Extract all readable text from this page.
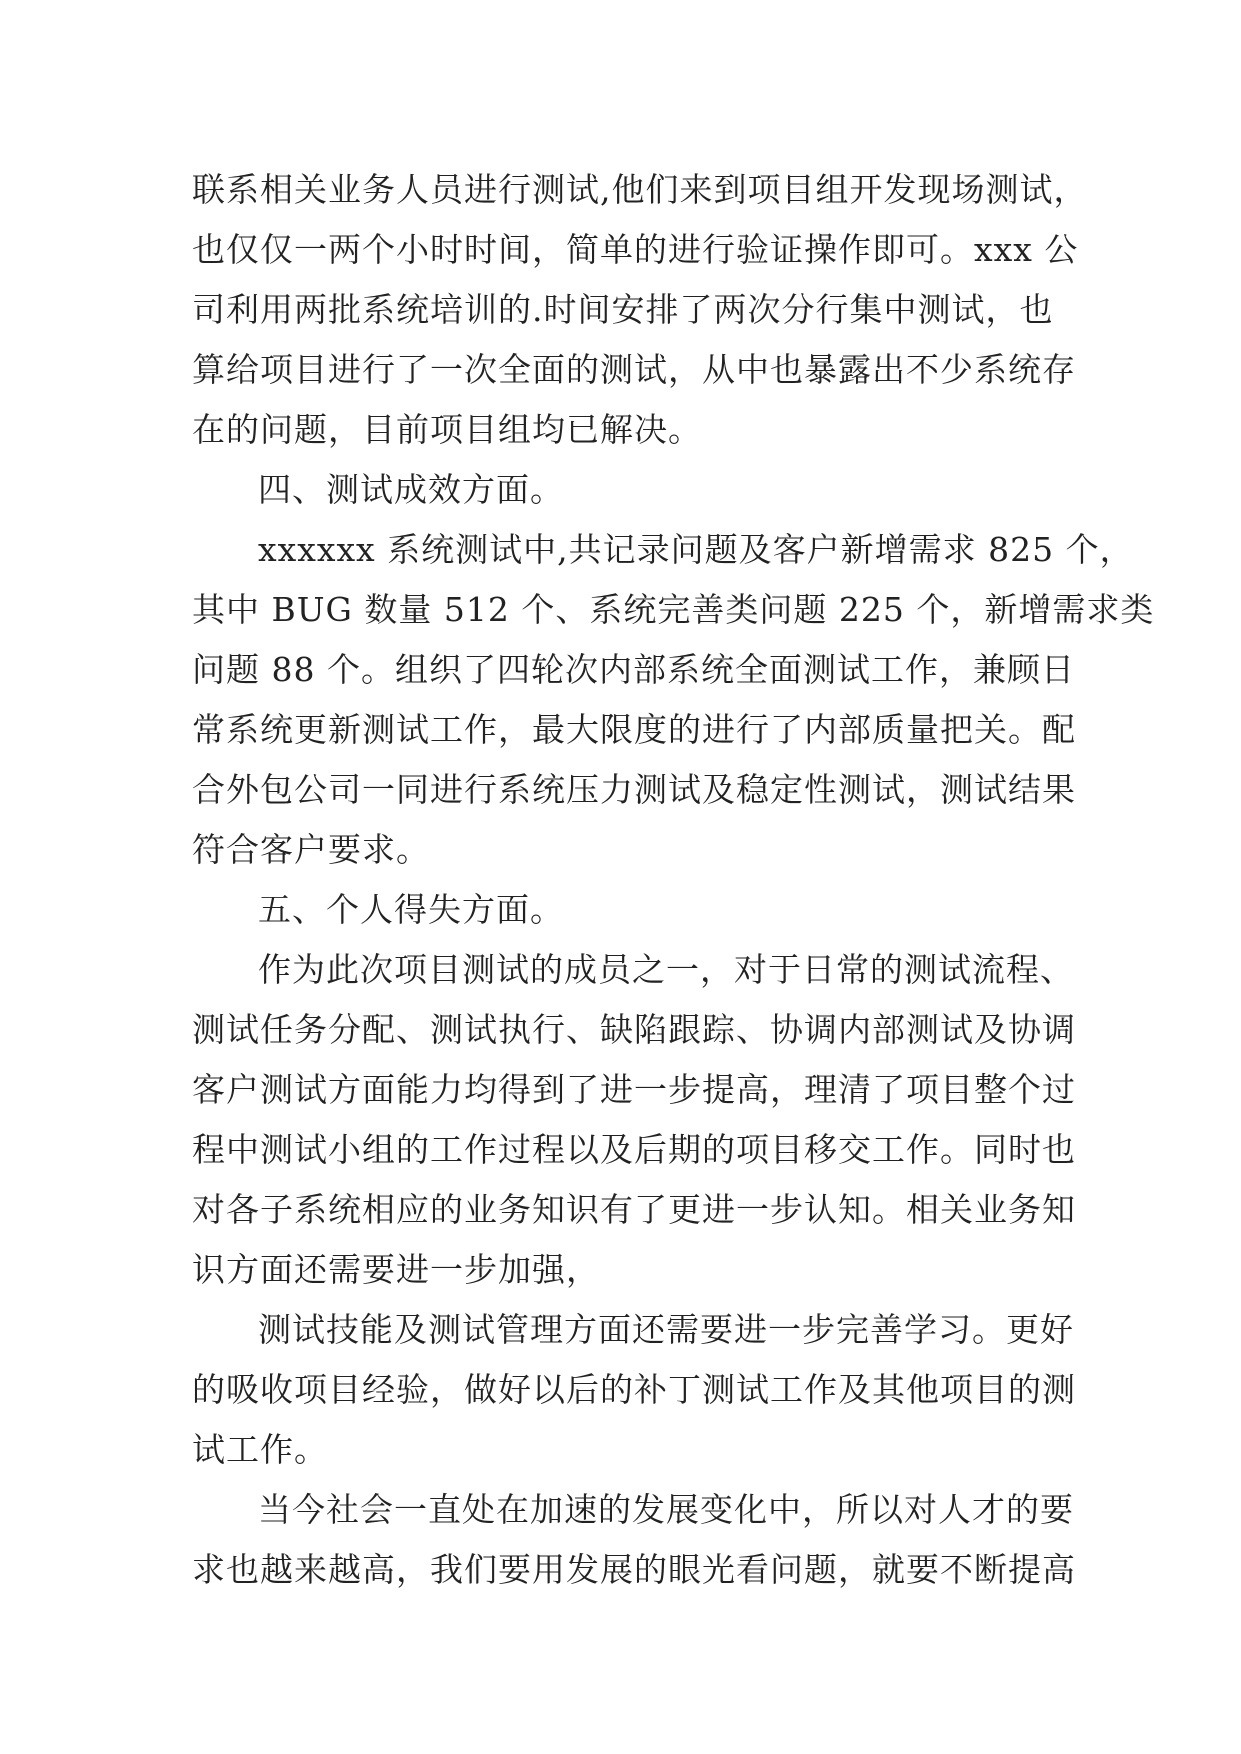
联系相关业务人员进行测试,他们来到项目组开发现场测试，
也仅仅一两个小时时间，简单的进行验证操作即可。xxx 公
司利用两批系统培训的.时间安排了两次分行集中测试，也
算给项目进行了一次全面的测试，从中也暴露出不少系统存
在的问题，目前项目组均已解决。
四、测试成效方面。
xxxxxx 系统测试中,共记录问题及客户新增需求 825 个，
其中 BUG 数量 512 个、系统完善类问题 225 个，新增需求类
问题 88 个。组织了四轮次内部系统全面测试工作，兼顾日
常系统更新测试工作，最大限度的进行了内部质量把关。配
合外包公司一同进行系统压力测试及稳定性测试，测试结果
符合客户要求。
五、个人得失方面。
作为此次项目测试的成员之一，对于日常的测试流程、
测试任务分配、测试执行、缺陷跟踪、协调内部测试及协调
客户测试方面能力均得到了进一步提高，理清了项目整个过
程中测试小组的工作过程以及后期的项目移交工作。同时也
对各子系统相应的业务知识有了更进一步认知。相关业务知
识方面还需要进一步加强，
测试技能及测试管理方面还需要进一步完善学习。更好
的吸收项目经验，做好以后的补丁测试工作及其他项目的测
试工作。
当今社会一直处在加速的发展变化中，所以对人才的要
求也越来越高，我们要用发展的眼光看问题，就要不断提高
